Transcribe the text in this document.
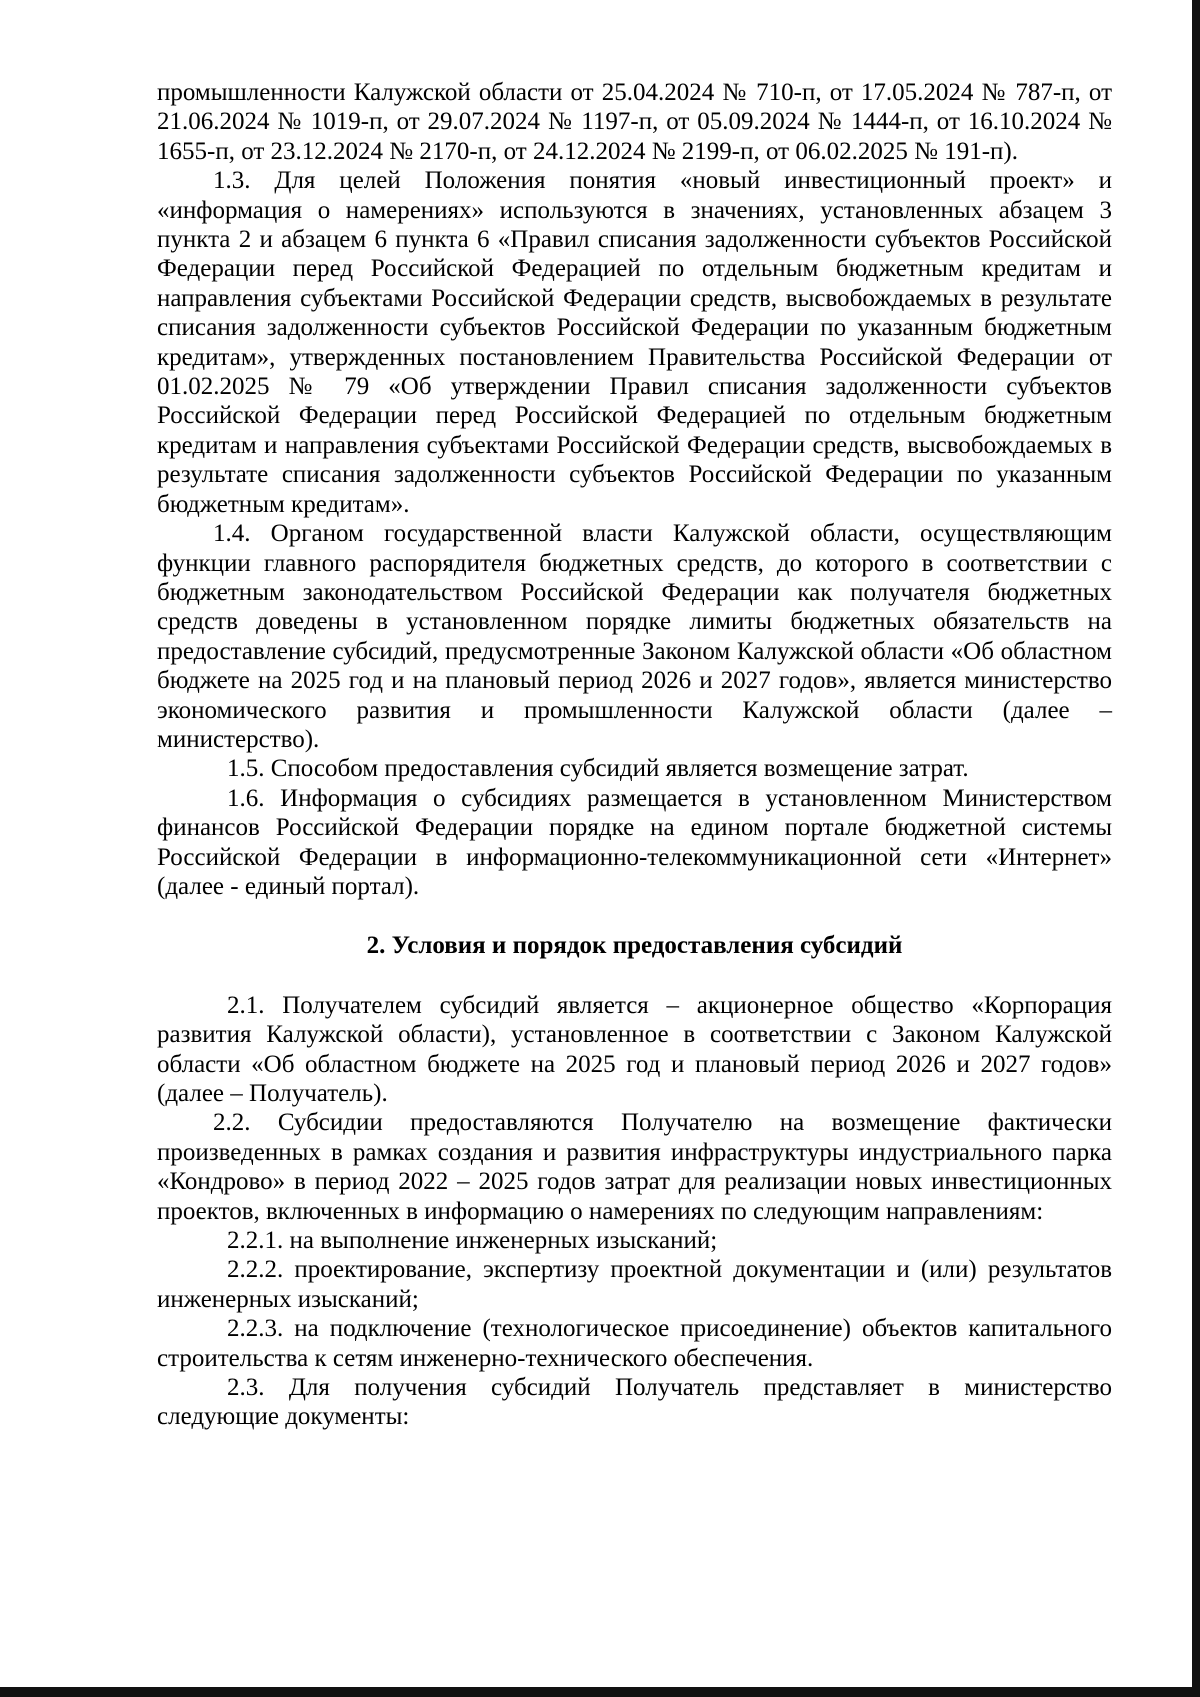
промышленности Калужской области от 25.04.2024 № 710-п, от 17.05.2024 № 787-п, от 21.06.2024 № 1019-п, от 29.07.2024 № 1197-п, от 05.09.2024 № 1444-п, от 16.10.2024 № 1655-п, от 23.12.2024 № 2170-п, от 24.12.2024 № 2199-п, от 06.02.2025 № 191-п).

1.3. Для целей Положения понятия «новый инвестиционный проект» и «информация о намерениях» используются в значениях, установленных абзацем 3 пункта 2 и абзацем 6 пункта 6 «Правил списания задолженности субъектов Российской Федерации перед Российской Федерацией по отдельным бюджетным кредитам и направления субъектами Российской Федерации средств, высвобождаемых в результате списания задолженности субъектов Российской Федерации по указанным бюджетным кредитам», утвержденных постановлением Правительства Российской Федерации от 01.02.2025 № 79 «Об утверждении Правил списания задолженности субъектов Российской Федерации перед Российской Федерацией по отдельным бюджетным кредитам и направления субъектами Российской Федерации средств, высвобождаемых в результате списания задолженности субъектов Российской Федерации по указанным бюджетным кредитам».

1.4. Органом государственной власти Калужской области, осуществляющим функции главного распорядителя бюджетных средств, до которого в соответствии с бюджетным законодательством Российской Федерации как получателя бюджетных средств доведены в установленном порядке лимиты бюджетных обязательств на предоставление субсидий, предусмотренные Законом Калужской области «Об областном бюджете на 2025 год и на плановый период 2026 и 2027 годов», является министерство экономического развития и промышленности Калужской области (далее – министерство).

1.5. Способом предоставления субсидий является возмещение затрат.

1.6. Информация о субсидиях размещается в установленном Министерством финансов Российской Федерации порядке на едином портале бюджетной системы Российской Федерации в информационно-телекоммуникационной сети «Интернет» (далее - единый портал).

2. Условия и порядок предоставления субсидий

2.1. Получателем субсидий является – акционерное общество «Корпорация развития Калужской области), установленное в соответствии с Законом Калужской области «Об областном бюджете на 2025 год и плановый период 2026 и 2027 годов» (далее – Получатель).

2.2. Субсидии предоставляются Получателю на возмещение фактически произведенных в рамках создания и развития инфраструктуры индустриального парка «Кондрово» в период 2022 – 2025 годов затрат для реализации новых инвестиционных проектов, включенных в информацию о намерениях по следующим направлениям:

2.2.1. на выполнение инженерных изысканий;

2.2.2. проектирование, экспертизу проектной документации и (или) результатов инженерных изысканий;

2.2.3. на подключение (технологическое присоединение) объектов капитального строительства к сетям инженерно-технического обеспечения.

2.3. Для получения субсидий Получатель представляет в министерство следующие документы:
